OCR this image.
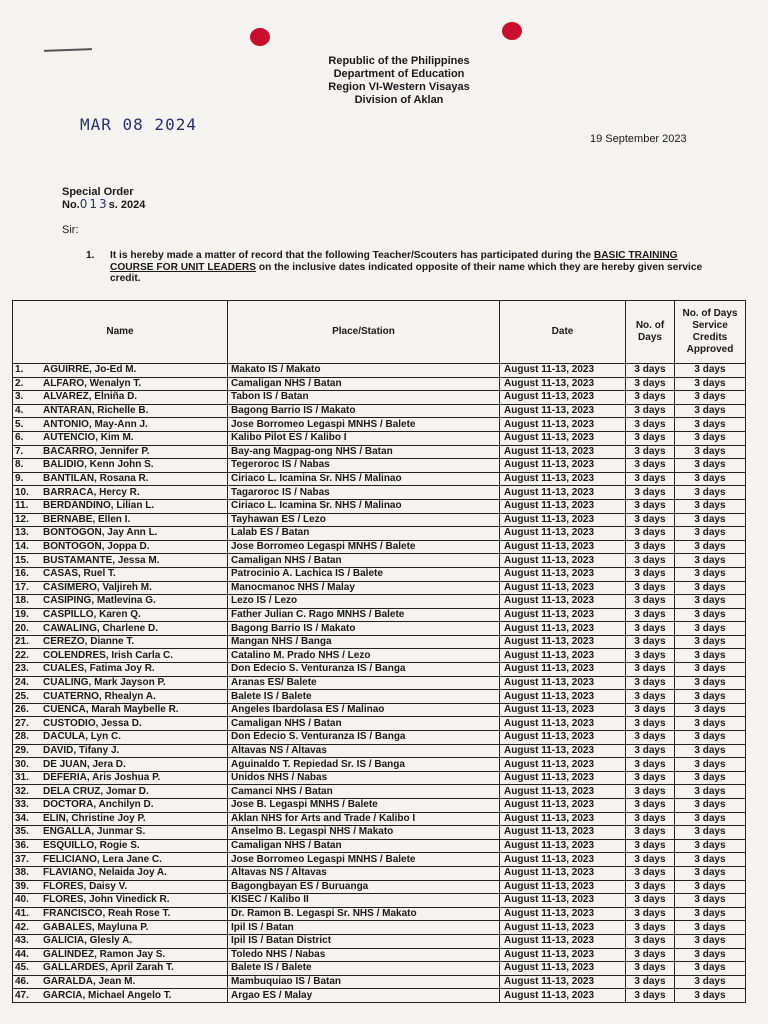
Republic of the Philippines
Department of Education
Region VI-Western Visayas
Division of Aklan
MAR 08 2024
19 September 2023
Special Order
No.013s. 2024
Sir:
1. It is hereby made a matter of record that the following Teacher/Scouters has participated during the BASIC TRAINING COURSE FOR UNIT LEADERS on the inclusive dates indicated opposite of their name which they are hereby given service credit.
Name	Place/Station	Date	No. of Days	No. of Days Service Credits Approved
1. AGUIRRE, Jo-Ed M.	Makato IS / Makato	August 11-13, 2023	3 days	3 days
2. ALFARO, Wenalyn T.	Camaligan NHS / Batan	August 11-13, 2023	3 days	3 days
3. ALVAREZ, Elniña D.	Tabon IS / Batan	August 11-13, 2023	3 days	3 days
4. ANTARAN, Richelle B.	Bagong Barrio IS / Makato	August 11-13, 2023	3 days	3 days
5. ANTONIO, May-Ann J.	Jose Borromeo Legaspi MNHS / Balete	August 11-13, 2023	3 days	3 days
6. AUTENCIO, Kim M.	Kalibo Pilot ES / Kalibo I	August 11-13, 2023	3 days	3 days
7. BACARRO, Jennifer P.	Bay-ang Magpag-ong NHS / Batan	August 11-13, 2023	3 days	3 days
8. BALIDIO, Kenn John S.	Tegeroroc IS / Nabas	August 11-13, 2023	3 days	3 days
9. BANTILAN, Rosana R.	Ciriaco L. Icamina Sr. NHS / Malinao	August 11-13, 2023	3 days	3 days
10. BARRACA, Hercy R.	Tagaroroc IS / Nabas	August 11-13, 2023	3 days	3 days
11. BERDANDINO, Lilian L.	Ciriaco L. Icamina Sr. NHS / Malinao	August 11-13, 2023	3 days	3 days
12. BERNABE, Ellen I.	Tayhawan ES / Lezo	August 11-13, 2023	3 days	3 days
13. BONTOGON, Jay Ann L.	Lalab ES / Batan	August 11-13, 2023	3 days	3 days
14. BONTOGON, Joppa D.	Jose Borromeo Legaspi MNHS / Balete	August 11-13, 2023	3 days	3 days
15. BUSTAMANTE, Jessa M.	Camaligan NHS / Batan	August 11-13, 2023	3 days	3 days
16. CASAS, Ruel T.	Patrocinio A. Lachica IS / Balete	August 11-13, 2023	3 days	3 days
17. CASIMERO, Valjireh M.	Manocmanoc NHS / Malay	August 11-13, 2023	3 days	3 days
18. CASIPING, Matlevina G.	Lezo IS / Lezo	August 11-13, 2023	3 days	3 days
19. CASPILLO, Karen Q.	Father Julian C. Rago MNHS / Balete	August 11-13, 2023	3 days	3 days
20. CAWALING, Charlene D.	Bagong Barrio IS / Makato	August 11-13, 2023	3 days	3 days
21. CEREZO, Dianne T.	Mangan NHS / Banga	August 11-13, 2023	3 days	3 days
22. COLENDRES, Irish Carla C.	Catalino M. Prado NHS / Lezo	August 11-13, 2023	3 days	3 days
23. CUALES, Fatima Joy R.	Don Edecio S. Venturanza IS / Banga	August 11-13, 2023	3 days	3 days
24. CUALING, Mark Jayson P.	Aranas ES/ Balete	August 11-13, 2023	3 days	3 days
25. CUATERNO, Rhealyn A.	Balete IS / Balete	August 11-13, 2023	3 days	3 days
26. CUENCA, Marah Maybelle R.	Angeles Ibardolasa ES / Malinao	August 11-13, 2023	3 days	3 days
27. CUSTODIO, Jessa D.	Camaligan NHS / Batan	August 11-13, 2023	3 days	3 days
28. DACULA, Lyn C.	Don Edecio S. Venturanza IS / Banga	August 11-13, 2023	3 days	3 days
29. DAVID, Tifany J.	Altavas NS / Altavas	August 11-13, 2023	3 days	3 days
30. DE JUAN, Jera D.	Aguinaldo T. Repiedad Sr. IS / Banga	August 11-13, 2023	3 days	3 days
31. DEFERIA, Aris Joshua P.	Unidos NHS / Nabas	August 11-13, 2023	3 days	3 days
32. DELA CRUZ, Jomar D.	Camanci NHS / Batan	August 11-13, 2023	3 days	3 days
33. DOCTORA, Anchilyn D.	Jose B. Legaspi MNHS / Balete	August 11-13, 2023	3 days	3 days
34. ELIN, Christine Joy P.	Aklan NHS for Arts and Trade / Kalibo I	August 11-13, 2023	3 days	3 days
35. ENGALLA, Junmar S.	Anselmo B. Legaspi NHS / Makato	August 11-13, 2023	3 days	3 days
36. ESQUILLO, Rogie S.	Camaligan NHS / Batan	August 11-13, 2023	3 days	3 days
37. FELICIANO, Lera Jane C.	Jose Borromeo Legaspi MNHS / Balete	August 11-13, 2023	3 days	3 days
38. FLAVIANO, Nelaida Joy A.	Altavas NS / Altavas	August 11-13, 2023	3 days	3 days
39. FLORES, Daisy V.	Bagongbayan ES / Buruanga	August 11-13, 2023	3 days	3 days
40. FLORES, John Vinedick R.	KISEC / Kalibo II	August 11-13, 2023	3 days	3 days
41. FRANCISCO, Reah Rose T.	Dr. Ramon B. Legaspi Sr. NHS / Makato	August 11-13, 2023	3 days	3 days
42. GABALES, Mayluna P.	Ipil IS / Batan	August 11-13, 2023	3 days	3 days
43. GALICIA, Glesly A.	Ipil IS / Batan District	August 11-13, 2023	3 days	3 days
44. GALINDEZ, Ramon Jay S.	Toledo NHS / Nabas	August 11-13, 2023	3 days	3 days
45. GALLARDES, April Zarah T.	Balete IS / Balete	August 11-13, 2023	3 days	3 days
46. GARALDA, Jean M.	Mambuquiao IS / Batan	August 11-13, 2023	3 days	3 days
47. GARCIA, Michael Angelo T.	Argao ES / Malay	August 11-13, 2023	3 days	3 days
